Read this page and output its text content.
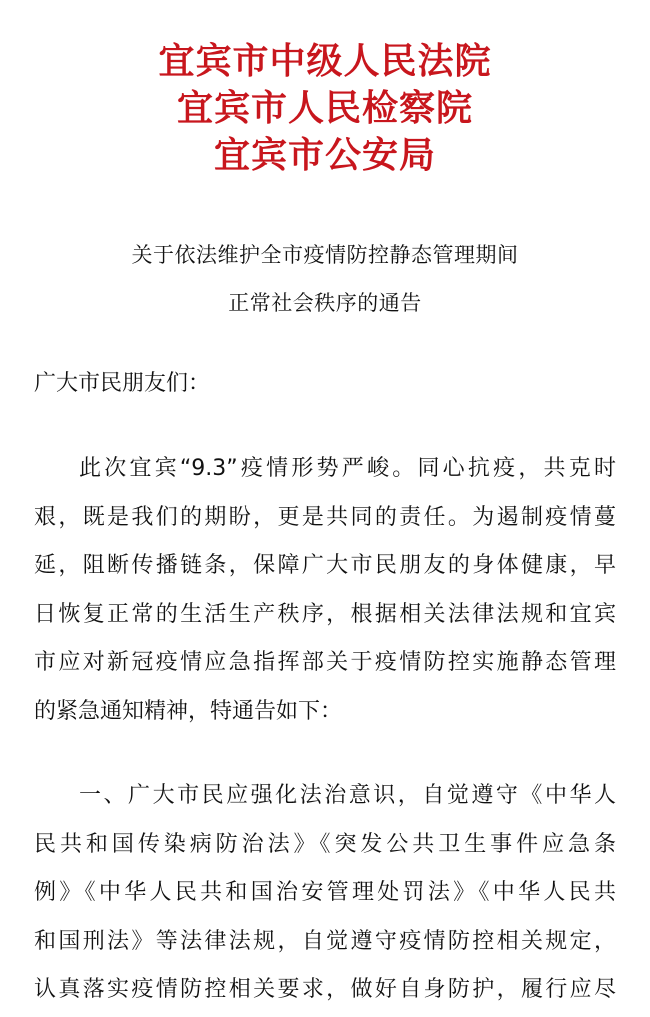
宜宾市中级人民法院
宜宾市人民检察院
宜宾市公安局
关于依法维护全市疫情防控静态管理期间
正常社会秩序的通告
广大市民朋友们：
此次宜宾“9.3”疫情形势严峻。同心抗疫，共克时
艰，既是我们的期盼，更是共同的责任。为遏制疫情蔓
延，阻断传播链条，保障广大市民朋友的身体健康，早
日恢复正常的生活生产秩序，根据相关法律法规和宜宾
市应对新冠疫情应急指挥部关于疫情防控实施静态管理
的紧急通知精神，特通告如下：
一、广大市民应强化法治意识，自觉遵守《中华人
民共和国传染病防治法》《突发公共卫生事件应急条
例》《中华人民共和国治安管理处罚法》《中华人民共
和国刑法》等法律法规，自觉遵守疫情防控相关规定，
认真落实疫情防控相关要求，做好自身防护，履行应尽
